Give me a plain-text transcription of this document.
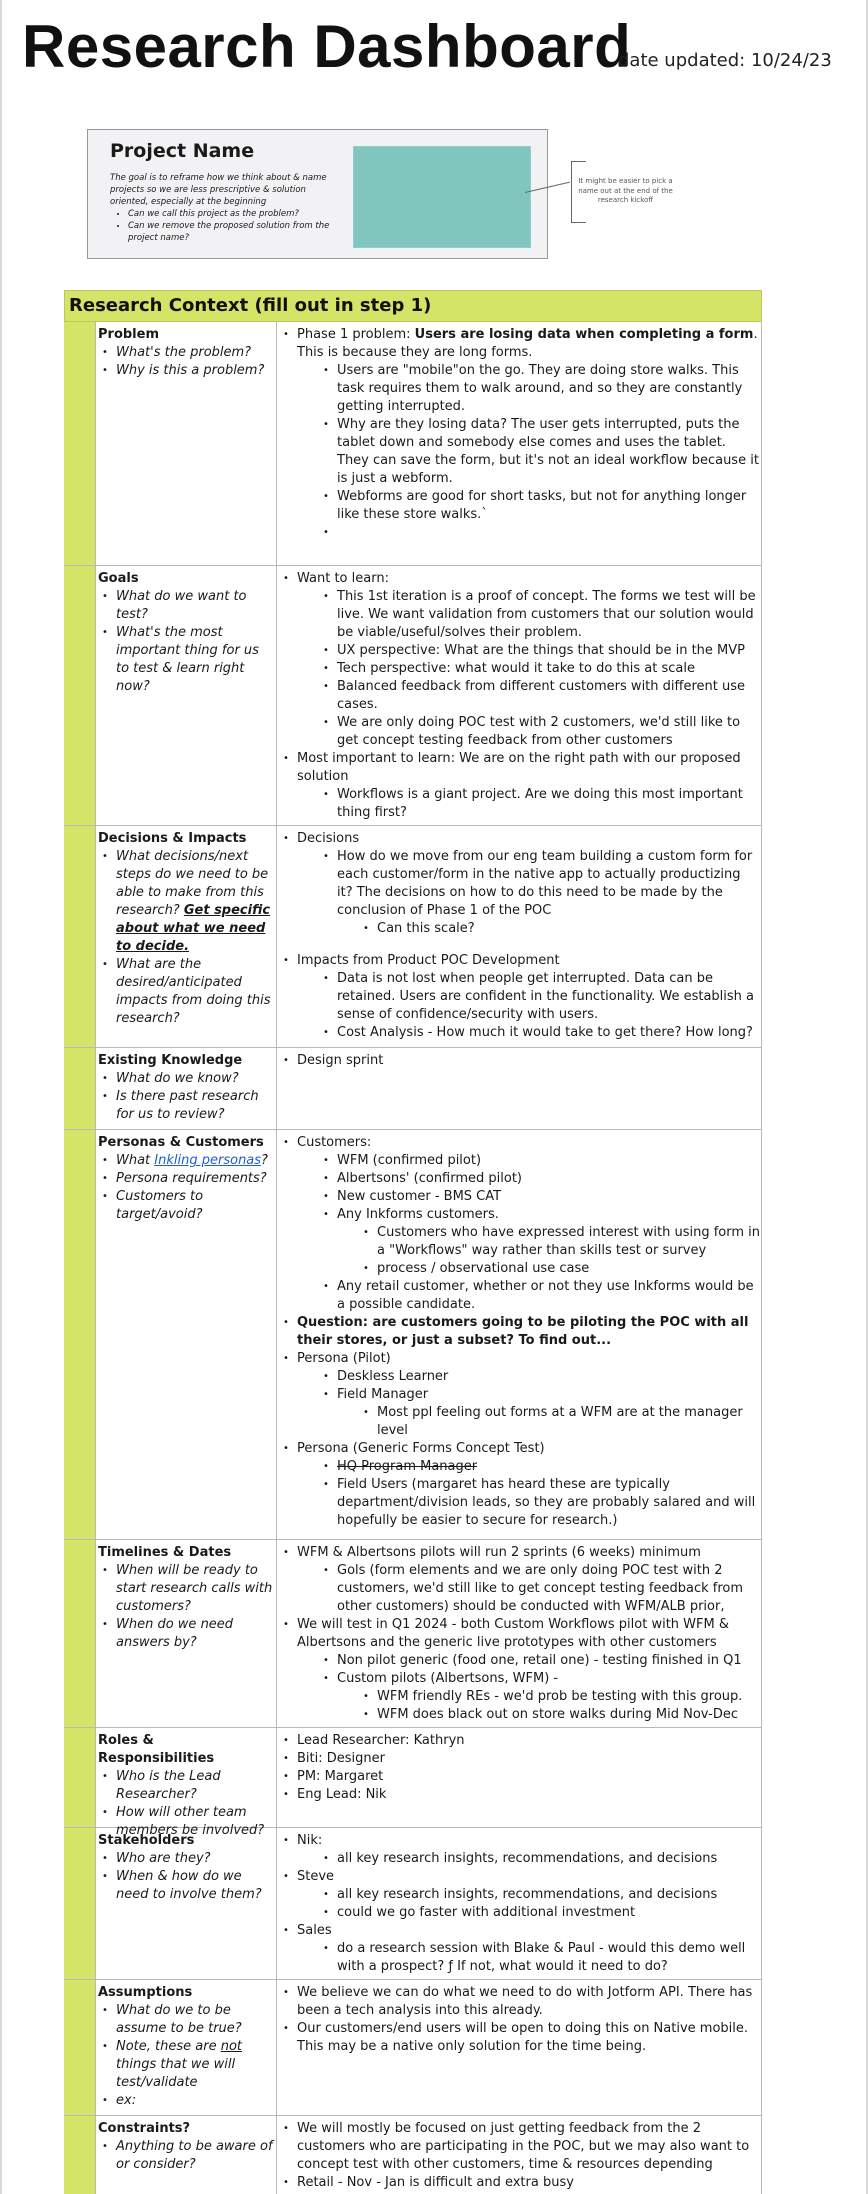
Research Dashboard
date updated: 10/24/23
Project Name
The goal is to reframe how we think about & name projects so we are less prescriptive & solution oriented, especially at the beginning
• Can we call this project as the problem?
• Can we remove the proposed solution from the project name?
It might be easier to pick a name out at the end of the research kickoff
Research Context (fill out in step 1)
Problem
• What's the problem?
• Why is this a problem?
• Phase 1 problem: Users are losing data when completing a form. This is because they are long forms.
• Users are "mobile"on the go. They are doing store walks. This task requires them to walk around, and so they are constantly getting interrupted.
• Why are they losing data? The user gets interrupted, puts the tablet down and somebody else comes and uses the tablet. They can save the form, but it's not an ideal workflow because it is just a webform.
• Webforms are good for short tasks, but not for anything longer like these store walks.`
•
Goals
• What do we want to test?
• What's the most important thing for us to test & learn right now?
• Want to learn:
• This 1st iteration is a proof of concept. The forms we test will be live. We want validation from customers that our solution would be viable/useful/solves their problem.
• UX perspective: What are the things that should be in the MVP
• Tech perspective: what would it take to do this at scale
• Balanced feedback from different customers with different use cases.
• We are only doing POC test with 2 customers, we'd still like to get concept testing feedback from other customers
• Most important to learn: We are on the right path with our proposed solution
• Workflows is a giant project. Are we doing this most important thing first?
Decisions & Impacts
• What decisions/next steps do we need to be able to make from this research? Get specific about what we need to decide.
• What are the desired/anticipated impacts from doing this research?
• Decisions
• How do we move from our eng team building a custom form for each customer/form in the native app to actually productizing it? The decisions on how to do this need to be made by the conclusion of Phase 1 of the POC
• Can this scale?
• Impacts from Product POC Development
• Data is not lost when people get interrupted. Data can be retained. Users are confident in the functionality. We establish a sense of confidence/security with users.
• Cost Analysis - How much it would take to get there? How long?
Existing Knowledge
• What do we know?
• Is there past research for us to review?
• Design sprint
Personas & Customers
• What Inkling personas?
• Persona requirements?
• Customers to target/avoid?
• Customers:
• WFM (confirmed pilot)
• Albertsons' (confirmed pilot)
• New customer - BMS CAT
• Any Inkforms customers.
• Customers who have expressed interest with using form in a "Workflows" way rather than skills test or survey
• process / observational use case
• Any retail customer, whether or not they use Inkforms would be a possible candidate.
• Question: are customers going to be piloting the POC with all their stores, or just a subset? To find out...
• Persona (Pilot)
• Deskless Learner
• Field Manager
• Most ppl feeling out forms at a WFM are at the manager level
• Persona (Generic Forms Concept Test)
• HQ Program Manager
• Field Users (margaret has heard these are typically department/division leads, so they are probably salared and will hopefully be easier to secure for research.)
Timelines & Dates
• When will be ready to start research calls with customers?
• When do we need answers by?
• WFM & Albertsons pilots will run 2 sprints (6 weeks) minimum
• Gols (form elements and we are only doing POC test with 2 customers, we'd still like to get concept testing feedback from other customers) should be conducted with WFM/ALB prior,
• We will test in Q1 2024 - both Custom Workflows pilot with WFM & Albertsons and the generic live prototypes with other customers
• Non pilot generic (food one, retail one) - testing finished in Q1
• Custom pilots (Albertsons, WFM) -
• WFM friendly REs - we'd prob be testing with this group.
• WFM does black out on store walks during Mid Nov-Dec
Roles & Responsibilities
• Who is the Lead Researcher?
• How will other team members be involved?
• Lead Researcher: Kathryn
• Biti: Designer
• PM: Margaret
• Eng Lead: Nik
Stakeholders
• Who are they?
• When & how do we need to involve them?
• Nik:
• all key research insights, recommendations, and decisions
• Steve
• all key research insights, recommendations, and decisions
• could we go faster with additional investment
• Sales
• do a research session with Blake & Paul - would this demo well with a prospect? ƒ If not, what would it need to do?
Assumptions
• What do we to be assume to be true?
• Note, these are not things that we will test/validate
• ex:
• We believe we can do what we need to do with Jotform API. There has been a tech analysis into this already.
• Our customers/end users will be open to doing this on Native mobile. This may be a native only solution for the time being.
Constraints?
• Anything to be aware of or consider?
• We will mostly be focused on just getting feedback from the 2 customers who are participating in the POC, but we may also want to concept test with other customers, time & resources depending
• Retail - Nov - Jan is difficult and extra busy
